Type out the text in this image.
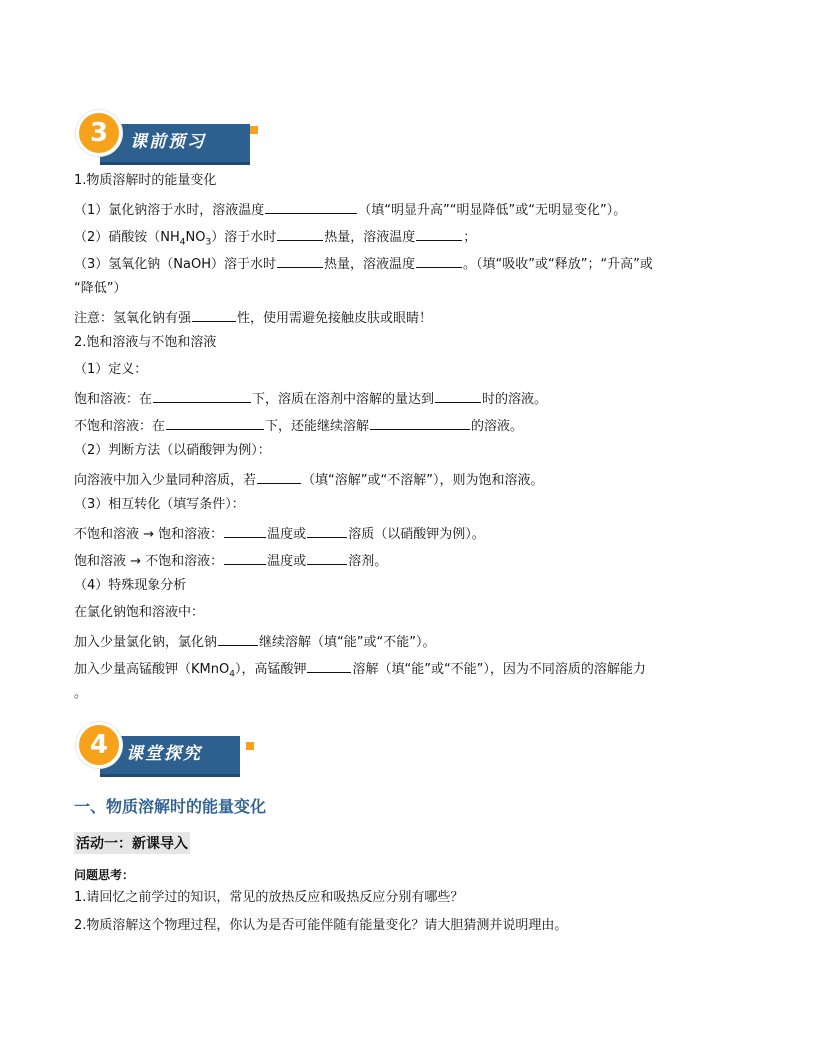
3	课前预习
1.物质溶解时的能量变化
（1）氯化钠溶于水时，溶液温度	（填“明显升高”“明显降低”或“无明显变化”）。
（2）硝酸铵$(NH_4NO_3)$溶于水时	热量，溶液温度	；
（3）氢氧化钠（NaOH）溶于水时	热量，溶液温度	。（填“吸收”或“释放”；“升高”或
“降低”）
注意：氢氧化钠有强	性，使用需避免接触皮肤或眼睛！
2.饱和溶液与不饱和溶液
（1）定义：
饱和溶液：在	下，溶质在溶剂中溶解的量达到	时的溶液。
不饱和溶液：在	下，还能继续溶解	的溶液。
（2）判断方法（以硝酸钾为例）：
向溶液中加入少量同种溶质，若	（填“溶解”或“不溶解”），则为饱和溶液。
（3）相互转化（填写条件）：
不饱和溶液 → 饱和溶液：	温度或	溶质（以硝酸钾为例）。
饱和溶液 → 不饱和溶液：	温度或	溶剂。
（4）特殊现象分析
在氯化钠饱和溶液中：
加入少量氯化钠，氯化钠	继续溶解（填“能”或“不能”）。
加入少量高锰酸钾（KMnO$_4$），高锰酸钾	溶解（填“能”或“不能”），因为不同溶质的溶解能力
。
4	课堂探究
一、物质溶解时的能量变化
活动一：新课导入
问题思考：
1.请回忆之前学过的知识，常见的放热反应和吸热反应分别有哪些？
2.物质溶解这个物理过程，你认为是否可能伴随有能量变化？请大胆猜测并说明理由。
